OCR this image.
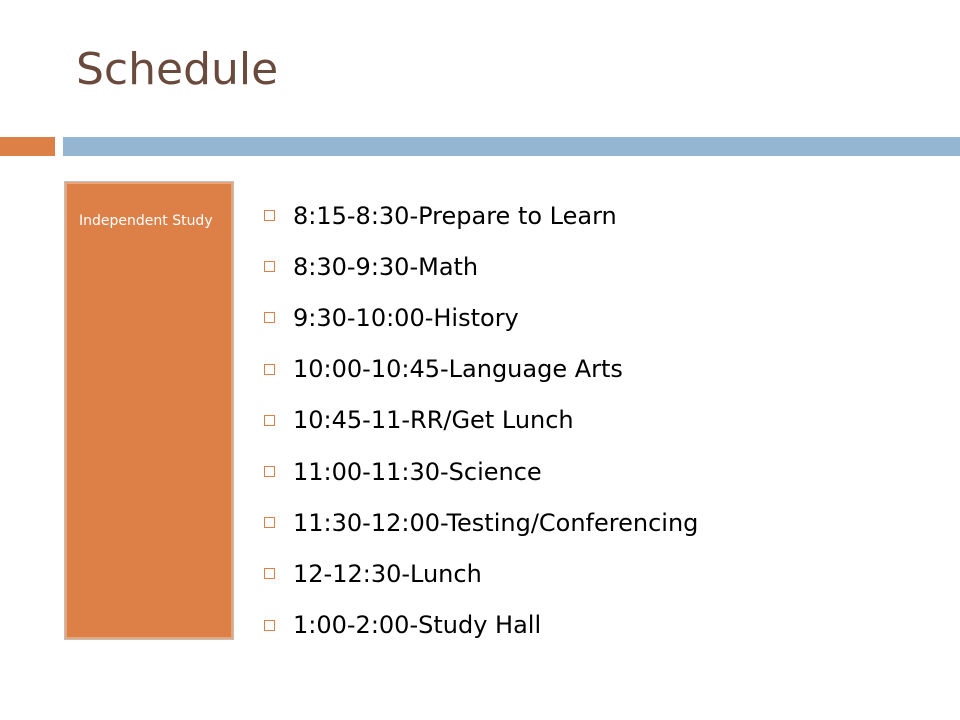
Schedule
Independent Study	8:15-8:30-Prepare to Learn
8:30-9:30-Math
9:30-10:00-History
10:00-10:45-Language Arts
10:45-11-RR/Get Lunch
11:00-11:30-Science
11:30-12:00-Testing/Conferencing
12-12:30-Lunch
1:00-2:00-Study Hall
